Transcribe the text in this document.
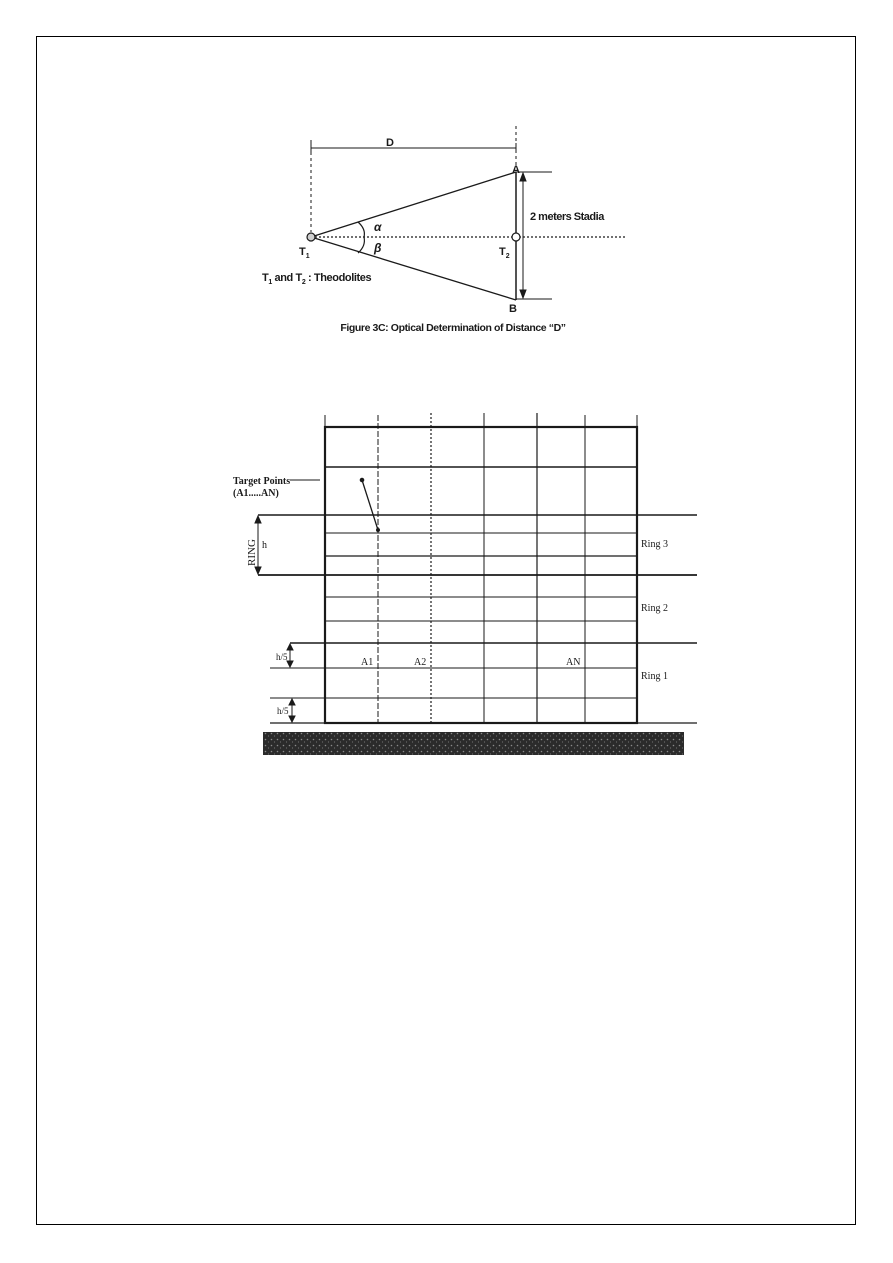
D
A
B
2 meters Stadia
α
β
$T_1$	$T_2$
$T_1$ and $T_2$ : Theodolites
Figure 3C: Optical Determination of Distance “D”
Target Points
(A1.....AN)
RING h
h/5
h/5
Ring 3
Ring 2
Ring 1
A1	A2	AN
